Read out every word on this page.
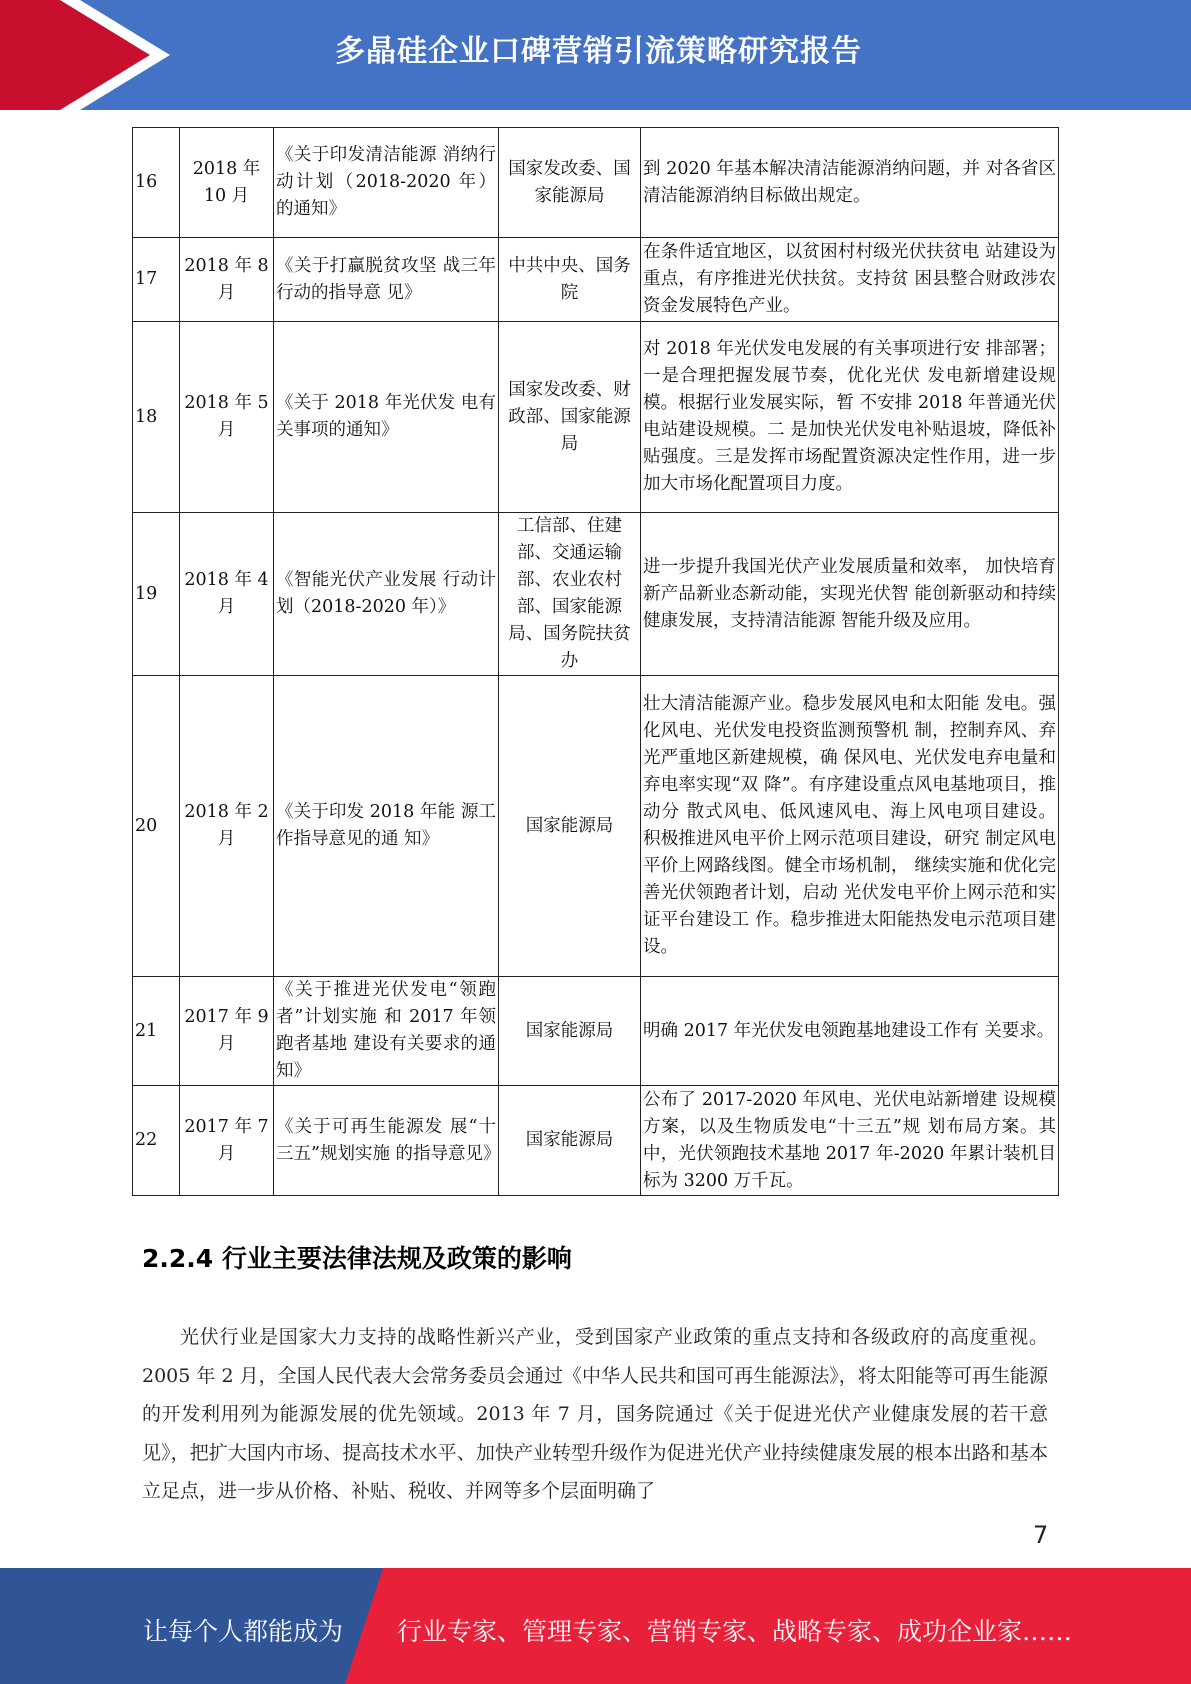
多晶硅企业口碑营销引流策略研究报告
16	2018 年 10 月	《关于印发清洁能源 消纳行动计划（2018-2020 年）的通知》	国家发改委、国家能源局	到 2020 年基本解决清洁能源消纳问题，并 对各省区清洁能源消纳目标做出规定。
17	2018 年 8 月	《关于打赢脱贫攻坚 战三年行动的指导意 见》	中共中央、国务院	在条件适宜地区，以贫困村村级光伏扶贫电 站建设为重点，有序推进光伏扶贫。支持贫 困县整合财政涉农资金发展特色产业。
18	2018 年 5 月	《关于 2018 年光伏发 电有关事项的通知》	国家发改委、财政部、国家能源局	对 2018 年光伏发电发展的有关事项进行安 排部署；一是合理把握发展节奏，优化光伏 发电新增建设规模。根据行业发展实际，暂 不安排 2018 年普通光伏电站建设规模。二 是加快光伏发电补贴退坡，降低补贴强度。三是发挥市场配置资源决定性作用，进一步 加大市场化配置项目力度。
19	2018 年 4 月	《智能光伏产业发展 行动计划（2018-2020 年）》	工信部、住建部、交通运输部、农业农村部、国家能源局、国务院扶贫办	进一步提升我国光伏产业发展质量和效率， 加快培育新产品新业态新动能，实现光伏智 能创新驱动和持续健康发展，支持清洁能源 智能升级及应用。
20	2018 年 2 月	《关于印发 2018 年能 源工作指导意见的通 知》	国家能源局	壮大清洁能源产业。稳步发展风电和太阳能 发电。强化风电、光伏发电投资监测预警机 制，控制弃风、弃光严重地区新建规模，确 保风电、光伏发电弃电量和弃电率实现“双 降”。有序建设重点风电基地项目，推动分 散式风电、低风速风电、海上风电项目建设。 积极推进风电平价上网示范项目建设，研究 制定风电平价上网路线图。健全市场机制， 继续实施和优化完善光伏领跑者计划，启动 光伏发电平价上网示范和实证平台建设工 作。稳步推进太阳能热发电示范项目建设。
21	2017 年 9 月	《关于推进光伏发电“领跑者”计划实施 和 2017 年领跑者基地 建设有关要求的通知》	国家能源局	明确 2017 年光伏发电领跑基地建设工作有 关要求。
22	2017 年 7 月	《关于可再生能源发 展“十三五”规划实施 的指导意见》	国家能源局	公布了 2017-2020 年风电、光伏电站新增建 设规模方案，以及生物质发电“十三五”规 划布局方案。其中，光伏领跑技术基地 2017 年-2020 年累计装机目标为 3200 万千瓦。
2.2.4 行业主要法律法规及政策的影响

光伏行业是国家大力支持的战略性新兴产业，受到国家产业政策的重点支持和各级政府的高度重视。2005 年 2 月，全国人民代表大会常务委员会通过《中华人民共和国可再生能源法》，将太阳能等可再生能源的开发利用列为能源发展的优先领域。2013 年 7 月，国务院通过《关于促进光伏产业健康发展的若干意见》，把扩大国内市场、提高技术水平、加快产业转型升级作为促进光伏产业持续健康发展的根本出路和基本立足点，进一步从价格、补贴、税收、并网等多个层面明确了

7
让每个人都能成为 行业专家、管理专家、营销专家、战略专家、成功企业家……
